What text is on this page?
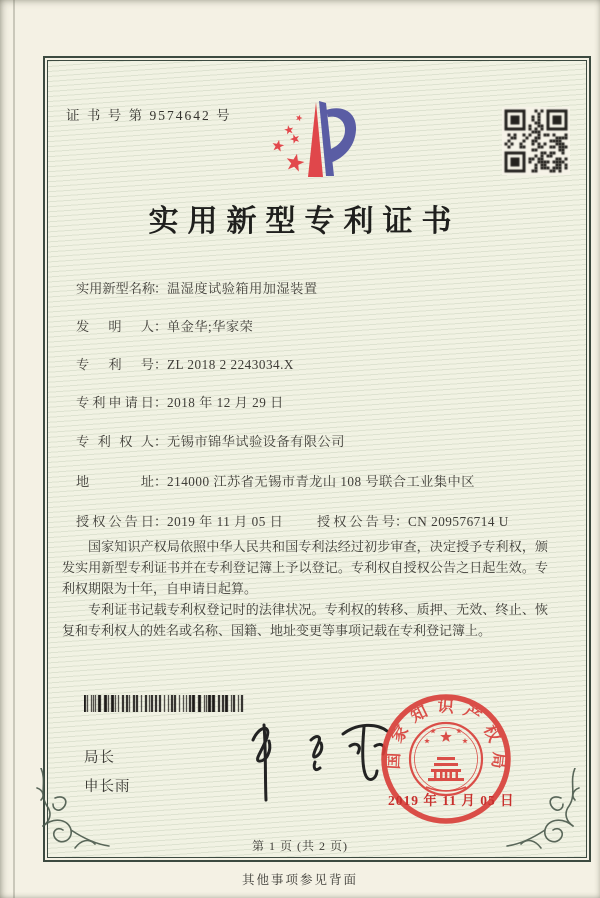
证 书 号 第 9574642 号
实用新型专利证书
实用新型名称：温湿度试验箱用加湿装置
发明人：单金华;华家荣
专利号：ZL 2018 2 2243034.X
专利申请日：2018 年 12 月 29 日
专利权人：无锡市锦华试验设备有限公司
地址：214000 江苏省无锡市青龙山 108 号联合工业集中区
授权公告日：2019 年 11 月 05 日	授权公告号：CN 209576714 U

国家知识产权局依照中华人民共和国专利法经过初步审查，决定授予专利权，颁发实用新型专利证书并在专利登记簿上予以登记。专利权自授权公告之日起生效。专利权期限为十年，自申请日起算。

专利证书记载专利权登记时的法律状况。专利权的转移、质押、无效、终止、恢复和专利权人的姓名或名称、国籍、地址变更等事项记载在专利登记簿上。

局长
申长雨
国家知识产权局
2019 年 11 月 05 日
第 1 页 (共 2 页)
其他事项参见背面
